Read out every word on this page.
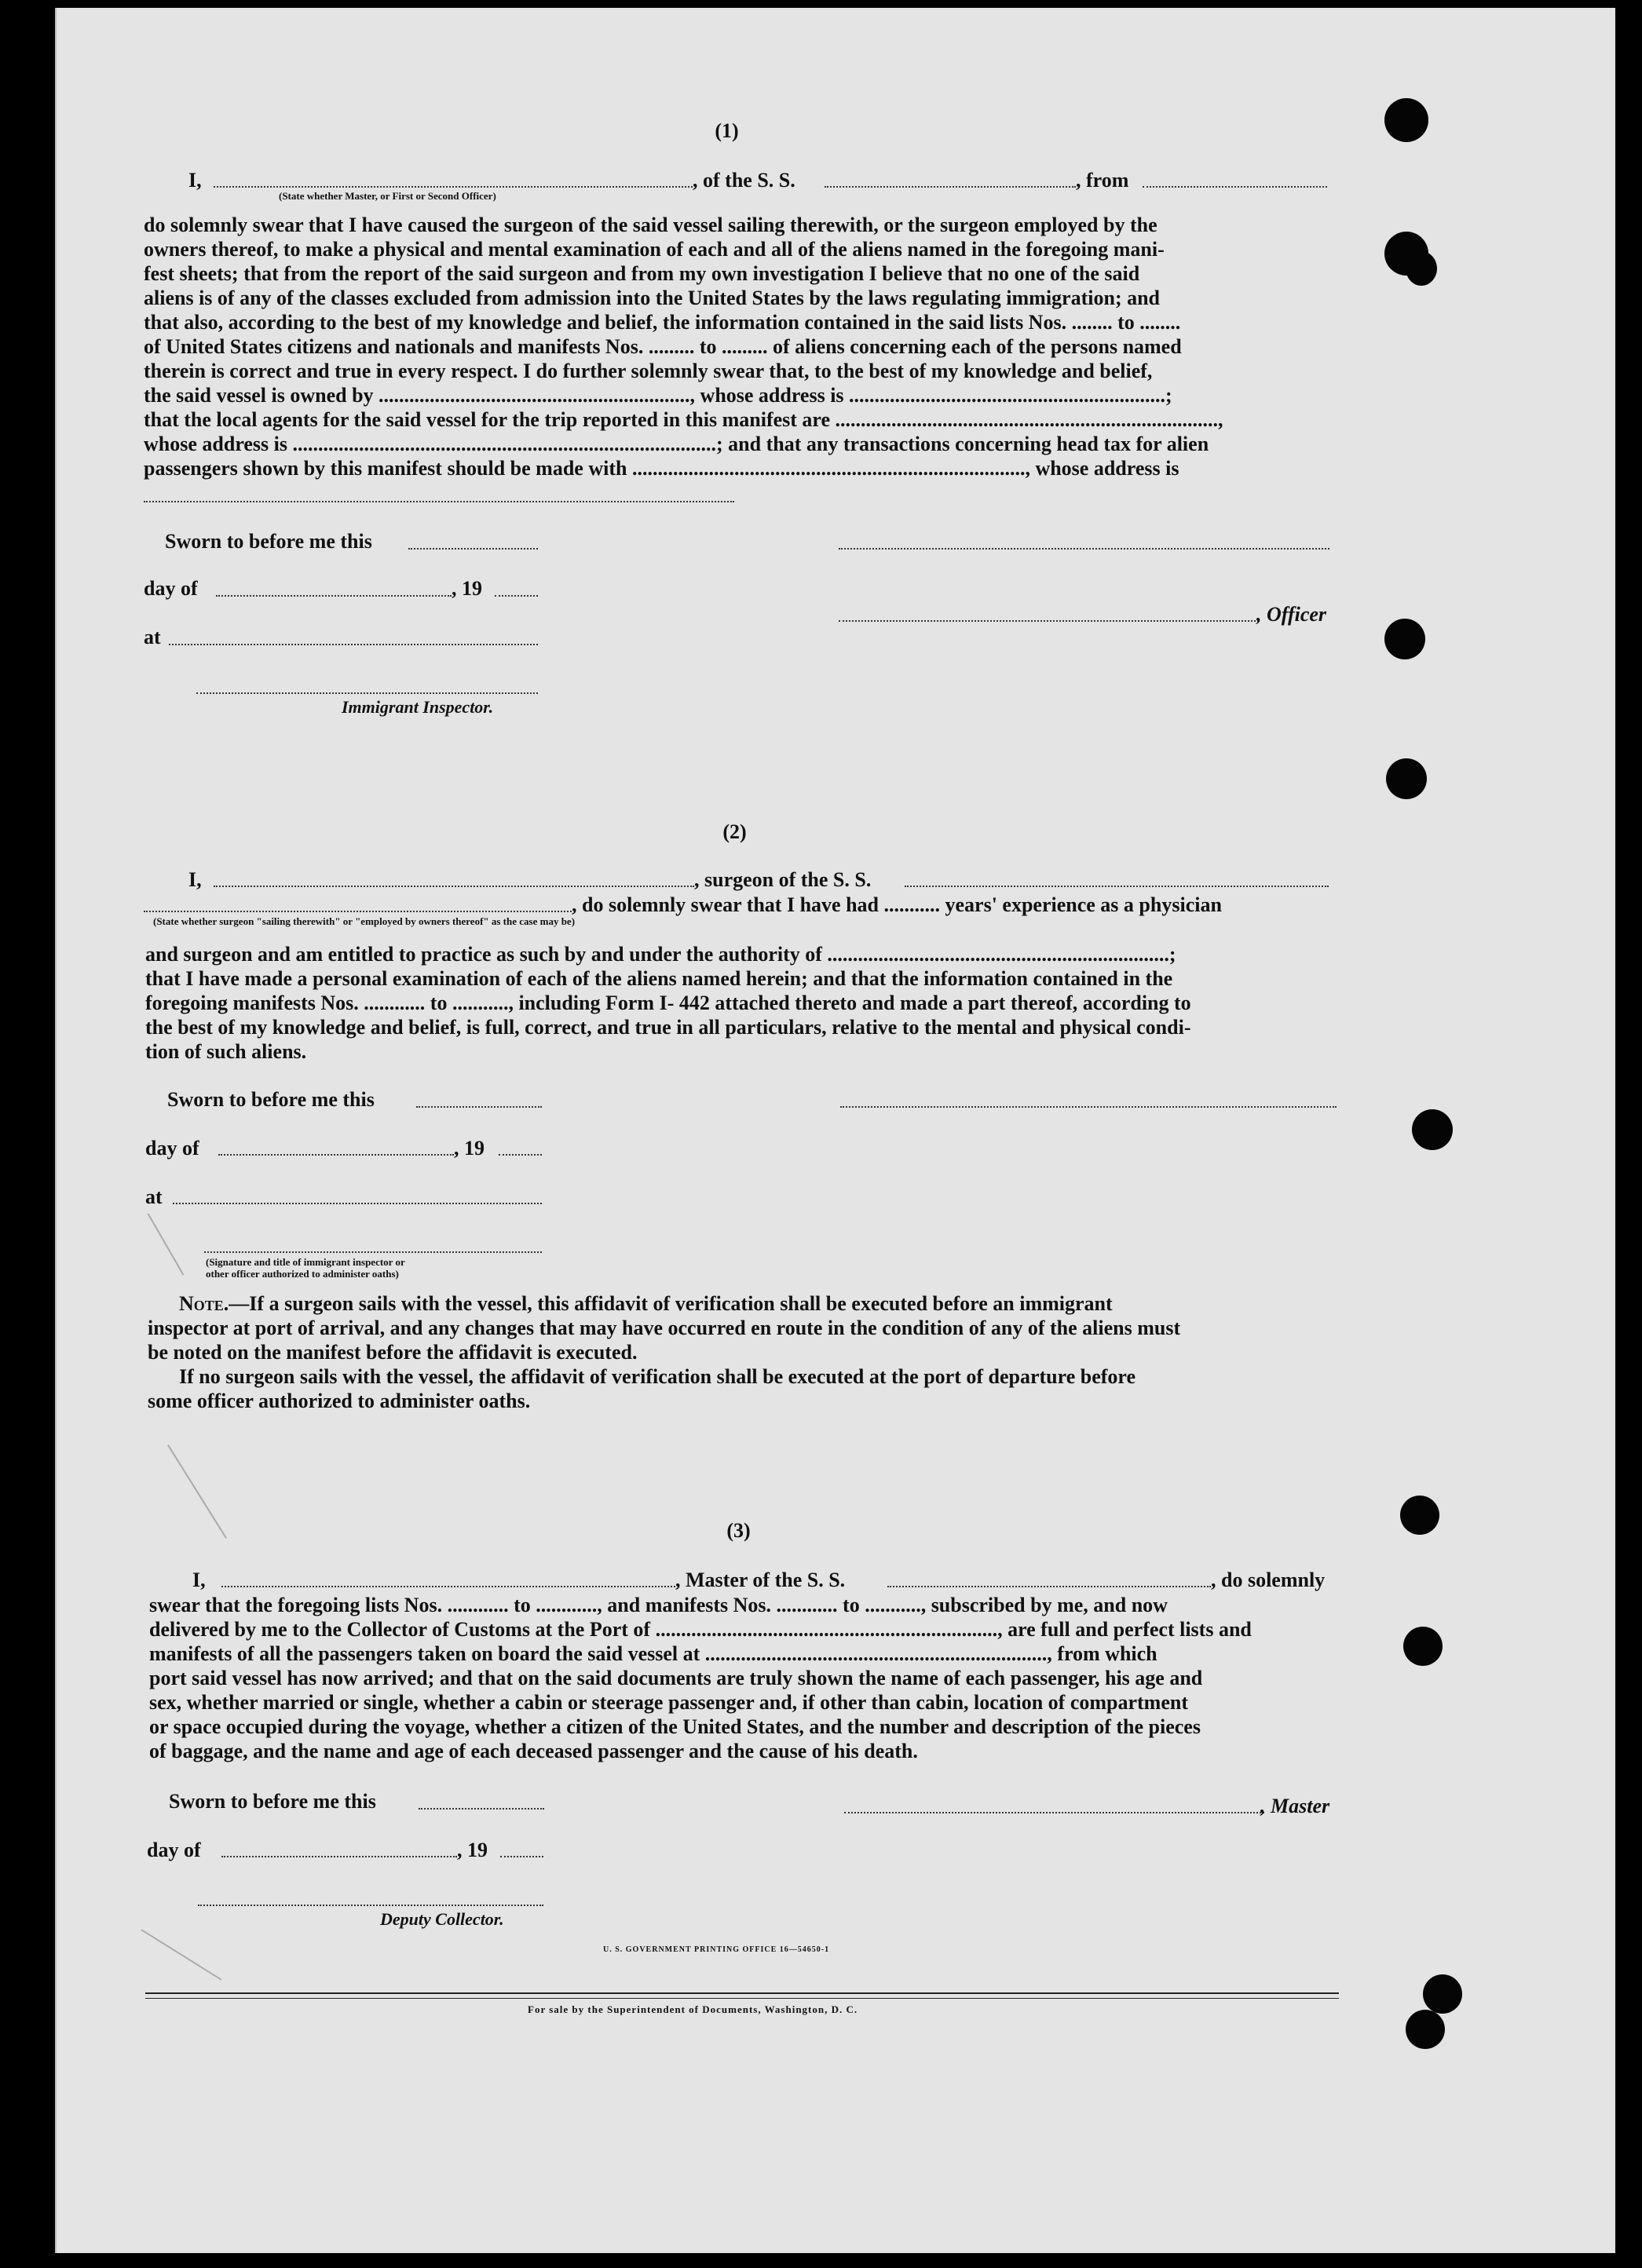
(1)
I,	, of the S. S.	, from
(State whether Master, or First or Second Officer)
do solemnly swear that I have caused the surgeon of the said vessel sailing therewith, or the surgeon employed by the
owners thereof, to make a physical and mental examination of each and all of the aliens named in the foregoing mani-
fest sheets; that from the report of the said surgeon and from my own investigation I believe that no one of the said
aliens is of any of the classes excluded from admission into the United States by the laws regulating immigration; and
that also, according to the best of my knowledge and belief, the information contained in the said lists Nos. ........ to ........
of United States citizens and nationals and manifests Nos. ......... to ......... of aliens concerning each of the persons named
therein is correct and true in every respect. I do further solemnly swear that, to the best of my knowledge and belief,
the said vessel is owned by ............................................................., whose address is ..............................................................;
that the local agents for the said vessel for the trip reported in this manifest are ...........................................................................,
whose address is ...................................................................................; and that any transactions concerning head tax for alien
passengers shown by this manifest should be made with ............................................................................., whose address is
Sworn to before me this
day of	, 19
, Officer
at
Immigrant Inspector.
(2)
I,	, surgeon of the S. S.
, do solemnly swear that I have had ........... years' experience as a physician
(State whether surgeon "sailing therewith" or "employed by owners thereof" as the case may be)
and surgeon and am entitled to practice as such by and under the authority of ...................................................................;
that I have made a personal examination of each of the aliens named herein; and that the information contained in the
foregoing manifests Nos. ............ to ..........., including Form I- 442 attached thereto and made a part thereof, according to
the best of my knowledge and belief, is full, correct, and true in all particulars, relative to the mental and physical condi-
tion of such aliens.
Sworn to before me this
day of	, 19
at
(Signature and title of immigrant inspector or
other officer authorized to administer oaths)
Note.—If a surgeon sails with the vessel, this affidavit of verification shall be executed before an immigrant
inspector at port of arrival, and any changes that may have occurred en route in the condition of any of the aliens must
be noted on the manifest before the affidavit is executed.
If no surgeon sails with the vessel, the affidavit of verification shall be executed at the port of departure before
some officer authorized to administer oaths.
(3)
I,	, Master of the S. S.	, do solemnly
swear that the foregoing lists Nos. ............ to ............, and manifests Nos. ............ to ..........., subscribed by me, and now
delivered by me to the Collector of Customs at the Port of ..................................................................., are full and perfect lists and
manifests of all the passengers taken on board the said vessel at ..................................................................., from which
port said vessel has now arrived; and that on the said documents are truly shown the name of each passenger, his age and
sex, whether married or single, whether a cabin or steerage passenger and, if other than cabin, location of compartment
or space occupied during the voyage, whether a citizen of the United States, and the number and description of the pieces
of baggage, and the name and age of each deceased passenger and the cause of his death.
Sworn to before me this	, Master
day of	, 19
Deputy Collector.
U. S. GOVERNMENT PRINTING OFFICE 16—54650-1
For sale by the Superintendent of Documents, Washington, D. C.
